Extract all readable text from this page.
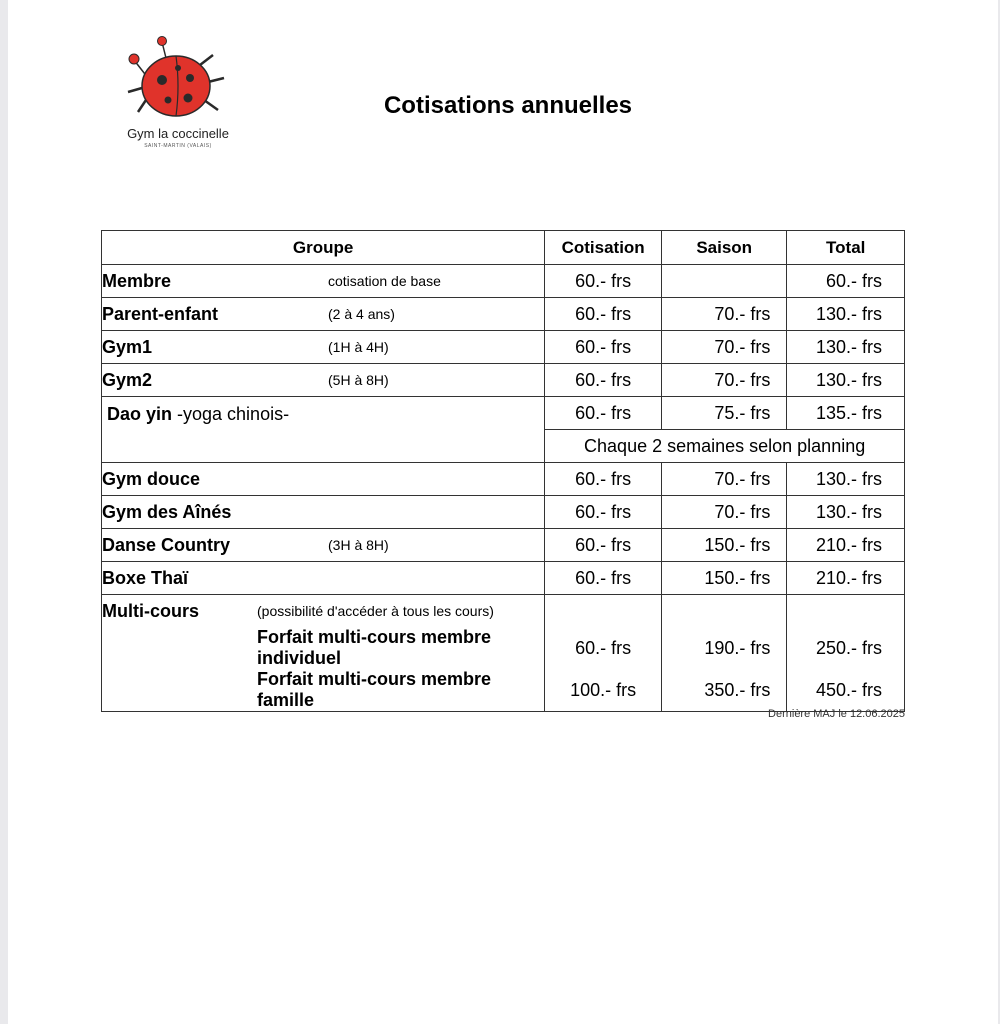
Gym la coccinelle
SAINT-MARTIN (VALAIS)
Cotisations annuelles
Groupe	Cotisation	Saison	Total
Membre cotisation de base	60.- frs		60.- frs
Parent-enfant (2 à 4 ans)	60.- frs	70.- frs	130.- frs
Gym1 (1H à 4H)	60.- frs	70.- frs	130.- frs
Gym2 (5H à 8H)	60.- frs	70.- frs	130.- frs

Dao yin -yoga chinois-	60.- frs	75.- frs	135.- frs
	Chaque 2 semaines selon planning		
Gym douce	60.- frs	70.- frs	130.- frs
Gym des Aînés	60.- frs	70.- frs	130.- frs
Danse Country (3H à 8H)	60.- frs	150.- frs	210.- frs
Boxe Thaï	60.- frs	150.- frs	210.- frs
Multi-cours (possibilité d'accéder à tous les cours)			

Forfait multi-cours membre individuel	60.- frs	190.- frs	250.- frs
Forfait multi-cours membre famille	100.- frs	350.- frs	450.- frs
Dernière MAJ le 12.06.2025
